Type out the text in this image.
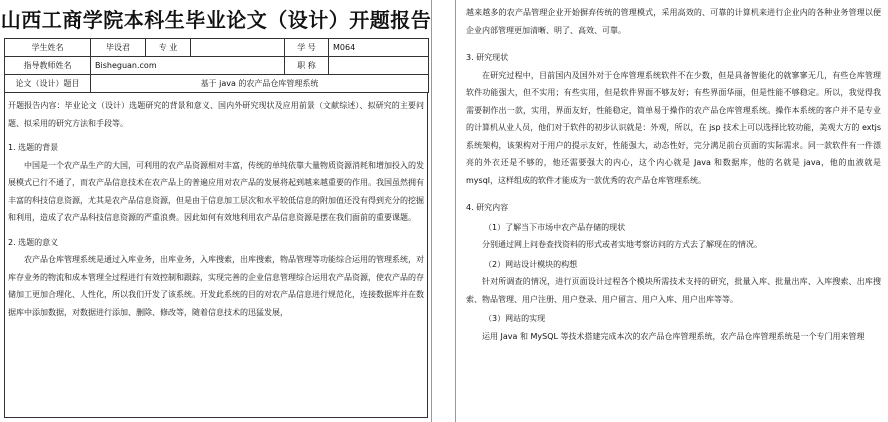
山西工商学院本科生毕业论文（设计）开题报告
学生姓名	毕设君	专 业		学 号	M064
指导教师姓名	Bisheguan.com			职 称	
论文（设计）题目	基于 java 的农产品仓库管理系统				

开题报告内容：毕业论文（设计）选题研究的背景和意义、国内外研究现状及应用前景（文献综述）、拟研究的主要问题、拟采用的研究方法和手段等。

1. 选题的背景

中国是一个农产品生产的大国，可利用的农产品资源相对丰富，传统的单纯依靠大量物质资源消耗和增加投入的发展模式已行不通了，而农产品信息技术在农产品上的普遍应用对农产品的发展将起到越来越重要的作用。我国虽然拥有丰富的科技信息资源，尤其是农产品信息资源，但是由于信息加工层次和水平较低信息的附加值还没有得到充分的挖掘和利用，造成了农产品科技信息资源的严重浪费。因此如何有效地利用农产品信息资源是摆在我们面前的重要课题。

2. 选题的意义

农产品仓库管理系统是通过入库业务，出库业务，入库搜索，出库搜索，物品管理等功能综合运用的管理系统，对库存业务的物流和成本管理全过程进行有效控制和跟踪，实现完善的企业信息管理综合运用农产品资源，使农产品的存储加工更加合理化、人性化，所以我们开发了该系统。开发此系统的目的对农产品信息进行规范化，连接数据库并在数据库中添加数据，对数据进行添加、删除、修改等，随着信息技术的迅猛发展，

越来越多的农产品管理企业开始摒弃传统的管理模式，采用高效的、可靠的计算机来进行企业内的各种业务管理以便企业内部管理更加清晰、明了、高效、可靠。

3. 研究现状

在研究过程中，目前国内及国外对于仓库管理系统软件不在少数，但是具备智能化的就寥寥无几，有些仓库管理软件功能强大，但不实用；有些实用，但是软件界面不够友好；有些界面华丽，但是性能不够稳定。所以，我觉得我需要制作出一款，实用，界面友好，性能稳定，简单易于操作的农产品仓库管理系统。操作本系统的客户并不是专业的计算机从业人员，他们对于软件的初步认识就是：外观，所以，在 jsp 技术上可以选择比较功能，美观大方的 extjs 系统架构，该架构对于用户的提示友好，性能强大，动态性好，完分满足前台页面的实际需求。同一款软件有一件漂亮的外衣还是不够的，他还需要强大的内心，这个内心就是 Java 和数据库，他的名就是 java，他的血液就是 mysql，这样组成的软件才能成为一款优秀的农产品仓库管理系统。

4. 研究内容

（1）了解当下市场中农产品存储的现状

分别通过网上问卷查找资料的形式或者实地考察访问的方式去了解现在的情况。

（2）网站设计模块的构想

针对所调查的情况，进行页面设计过程各个模块所需技术支持的研究，批量入库、批量出库、入库搜索、出库搜索、物品管理、用户注册、用户登录、用户留言、用户入库、用户出库等等。

（3）网站的实现

运用 Java 和 MySQL 等技术搭建完成本次的农产品仓库管理系统，农产品仓库管理系统是一个专门用来管理
